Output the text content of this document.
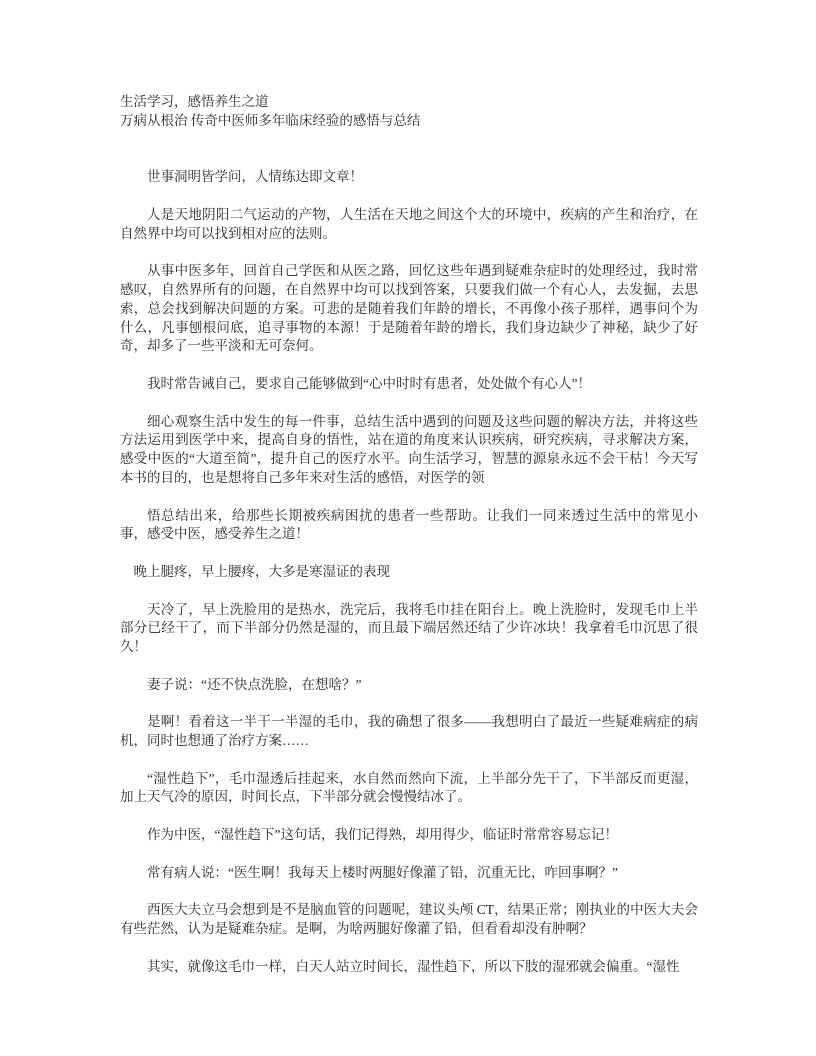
生活学习，感悟养生之道

万病从根治 传奇中医师多年临床经验的感悟与总结

世事洞明皆学问，人情练达即文章！

人是天地阴阳二气运动的产物，人生活在天地之间这个大的环境中，疾病的产生和治疗，在自然界中均可以找到相对应的法则。

从事中医多年，回首自己学医和从医之路，回忆这些年遇到疑难杂症时的处理经过，我时常感叹，自然界所有的问题，在自然界中均可以找到答案，只要我们做一个有心人，去发掘，去思索，总会找到解决问题的方案。可悲的是随着我们年龄的增长，不再像小孩子那样，遇事问个为什么，凡事刨根问底，追寻事物的本源！于是随着年龄的增长，我们身边缺少了神秘，缺少了好奇，却多了一些平淡和无可奈何。

我时常告诫自己，要求自己能够做到“心中时时有患者，处处做个有心人”！

细心观察生活中发生的每一件事，总结生活中遇到的问题及这些问题的解决方法，并将这些方法运用到医学中来，提高自身的悟性，站在道的角度来认识疾病，研究疾病，寻求解决方案，感受中医的“大道至简”，提升自己的医疗水平。向生活学习，智慧的源泉永远不会干枯！今天写本书的目的，也是想将自己多年来对生活的感悟，对医学的领

悟总结出来，给那些长期被疾病困扰的患者一些帮助。让我们一同来透过生活中的常见小事，感受中医，感受养生之道！

晚上腿疼，早上腰疼，大多是寒湿证的表现

天冷了，早上洗脸用的是热水，洗完后，我将毛巾挂在阳台上。晚上洗脸时，发现毛巾上半部分已经干了，而下半部分仍然是湿的，而且最下端居然还结了少许冰块！我拿着毛巾沉思了很久！

妻子说：“还不快点洗脸，在想啥？”

是啊！看着这一半干一半湿的毛巾，我的确想了很多——我想明白了最近一些疑难病症的病机，同时也想通了治疗方案……

“湿性趋下”，毛巾湿透后挂起来，水自然而然向下流，上半部分先干了，下半部反而更湿，加上天气冷的原因，时间长点，下半部分就会慢慢结冰了。

作为中医，“湿性趋下”这句话，我们记得熟，却用得少，临证时常常容易忘记！

常有病人说：“医生啊！我每天上楼时两腿好像灌了铅，沉重无比，咋回事啊？”

西医大夫立马会想到是不是脑血管的问题呢，建议头颅 CT，结果正常；刚执业的中医大夫会有些茫然，认为是疑难杂症。是啊，为啥两腿好像灌了铅，但看看却没有肿啊？

其实，就像这毛巾一样，白天人站立时间长，湿性趋下，所以下肢的湿邪就会偏重。“湿性
